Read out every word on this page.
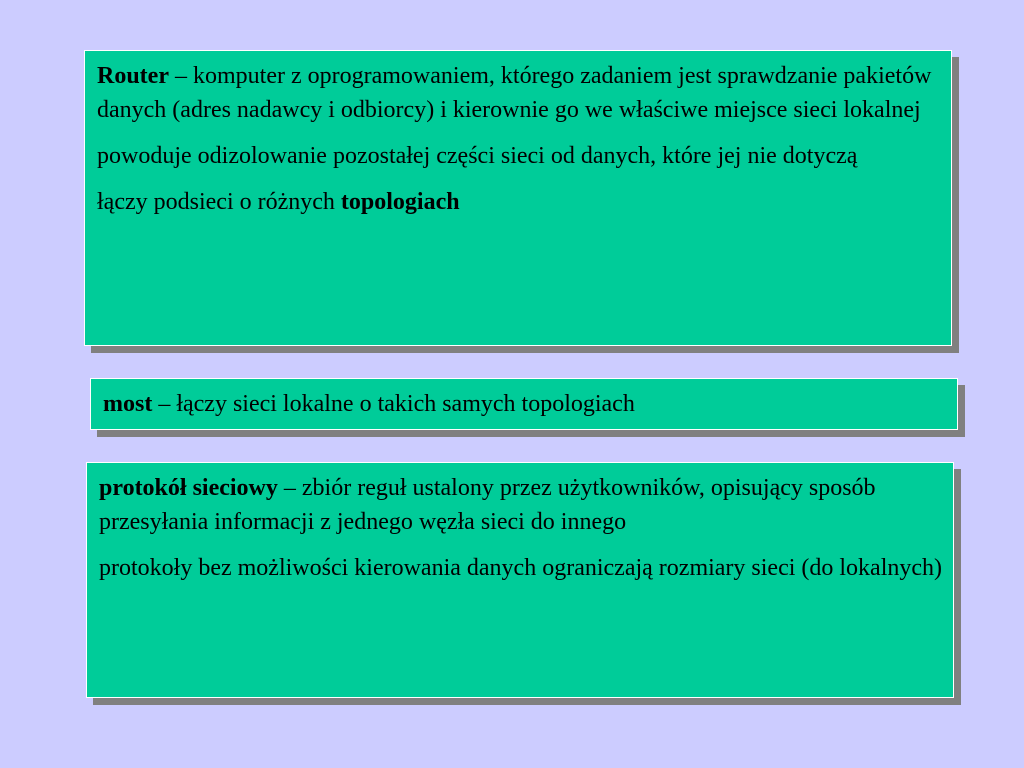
Router – komputer z oprogramowaniem, którego zadaniem jest sprawdzanie pakietów danych (adres nadawcy i odbiorcy) i kierownie go we właściwe miejsce sieci lokalnej

powoduje odizolowanie pozostałej części sieci od danych, które jej nie dotyczą

łączy podsieci o różnych topologiach

most – łączy sieci lokalne o takich samych topologiach

protokół sieciowy – zbiór reguł ustalony przez użytkowników, opisujący sposób przesyłania informacji z jednego węzła sieci do innego

protokoły bez możliwości kierowania danych ograniczają rozmiary sieci (do lokalnych)
